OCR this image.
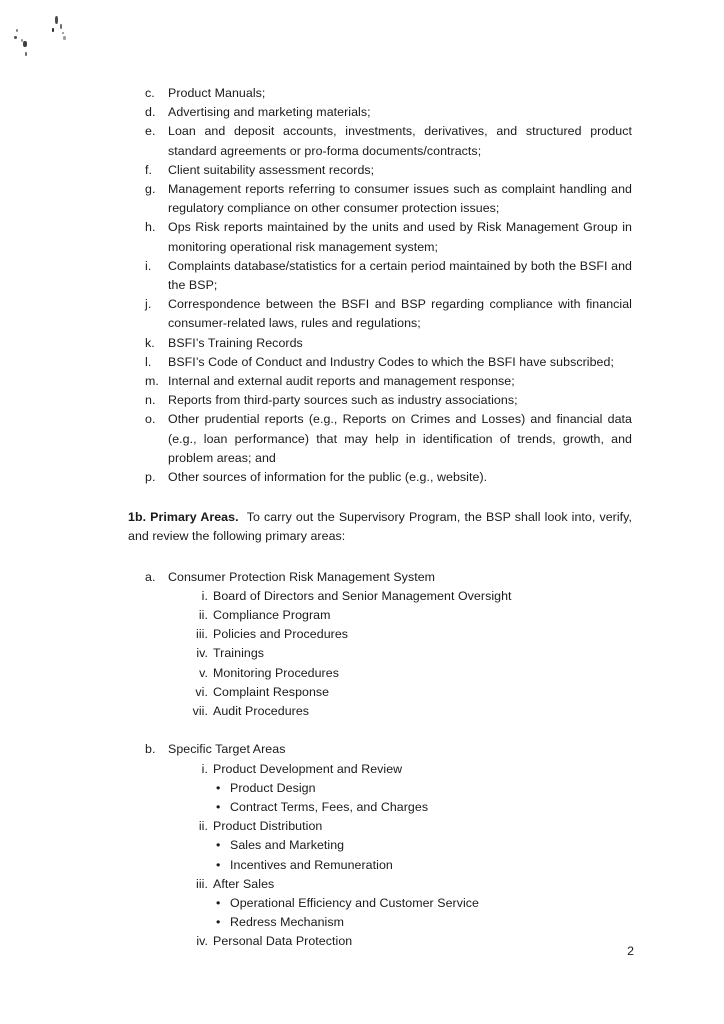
c.	Product Manuals;
d.	Advertising and marketing materials;
e.	Loan and deposit accounts, investments, derivatives, and structured product standard agreements or pro-forma documents/contracts;
f.	Client suitability assessment records;
g.	Management reports referring to consumer issues such as complaint handling and regulatory compliance on other consumer protection issues;
h.	Ops Risk reports maintained by the units and used by Risk Management Group in monitoring operational risk management system;
i.	Complaints database/statistics for a certain period maintained by both the BSFI and the BSP;
j.	Correspondence between the BSFI and BSP regarding compliance with financial consumer-related laws, rules and regulations;
k.	BSFI’s Training Records
l.	BSFI’s Code of Conduct and Industry Codes to which the BSFI have subscribed;
m. Internal and external audit reports and management response;
n.	Reports from third-party sources such as industry associations;
o.	Other prudential reports (e.g., Reports on Crimes and Losses) and financial data (e.g., loan performance) that may help in identification of trends, growth, and problem areas; and
p.	Other sources of information for the public (e.g., website).

1b. Primary Areas. To carry out the Supervisory Program, the BSP shall look into, verify, and review the following primary areas:

a.	Consumer Protection Risk Management System
i. Board of Directors and Senior Management Oversight
ii. Compliance Program
iii. Policies and Procedures
iv. Trainings
v. Monitoring Procedures
vi. Complaint Response
vii. Audit Procedures
b.	Specific Target Areas
i. Product Development and Review
• Product Design
• Contract Terms, Fees, and Charges
ii. Product Distribution
• Sales and Marketing
• Incentives and Remuneration
iii. After Sales
• Operational Efficiency and Customer Service
• Redress Mechanism
iv. Personal Data Protection
2
